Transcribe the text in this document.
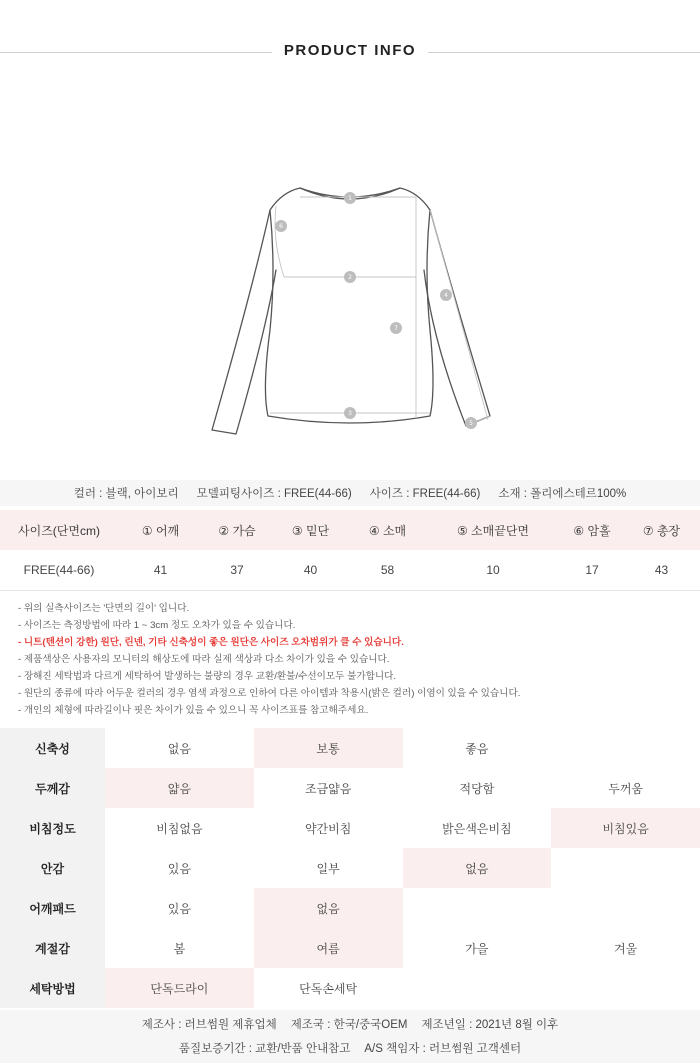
PRODUCT INFO
1
2
3
4
5
6
7
컬러 : 블랙, 아이보리 모델피팅사이즈 : FREE(44-66) 사이즈 : FREE(44-66) 소재 : 폴리에스테르100%
사이즈(단면cm)	① 어깨	② 가슴	③ 밑단	④ 소매	⑤ 소매끝단면	⑥ 암홀	⑦ 총장
FREE(44-66)	41	37	40	58	10	17	43

- 위의 실측사이즈는 '단면의 길이' 입니다.
- 사이즈는 측정방법에 따라 1 ~ 3cm 정도 오차가 있을 수 있습니다.
- 니트(텐션이 강한) 원단, 린넨, 기타 신축성이 좋은 원단은 사이즈 오차범위가 클 수 있습니다.
- 제품색상은 사용자의 모니터의 해상도에 따라 실제 색상과 다소 차이가 있을 수 있습니다.
- 장해진 세탁법과 다르게 세탁하여 발생하는 불량의 경우 교환/환불/수선이모두 불가합니다.
- 원단의 종류에 따라 어두운 컬러의 경우 염색 과정으로 인하여 다른 아이템과 착용시(밝은 컬러) 이염이 있을 수 있습니다.
- 개인의 체형에 따라길이나 핏은 차이가 있을 수 있으니 꼭 사이즈표를 참고해주세요.
신축성	없음	보통	좋음	
두께감	얇음	조금얇음	적당함	두꺼움
비침정도	비침없음	약간비침	밝은색은비침	비침있음
안감	있음	일부	없음	
어깨패드	있음	없음		
계절감	봄	여름	가을	겨울
세탁방법	단독드라이	단독손세탁		
제조사 : 러브썸원 제휴업체 제조국 : 한국/중국OEM 제조년일 : 2021년 8월 이후
품질보증기간 : 교환/반품 안내참고 A/S 책임자 : 러브썸원 고객센터
